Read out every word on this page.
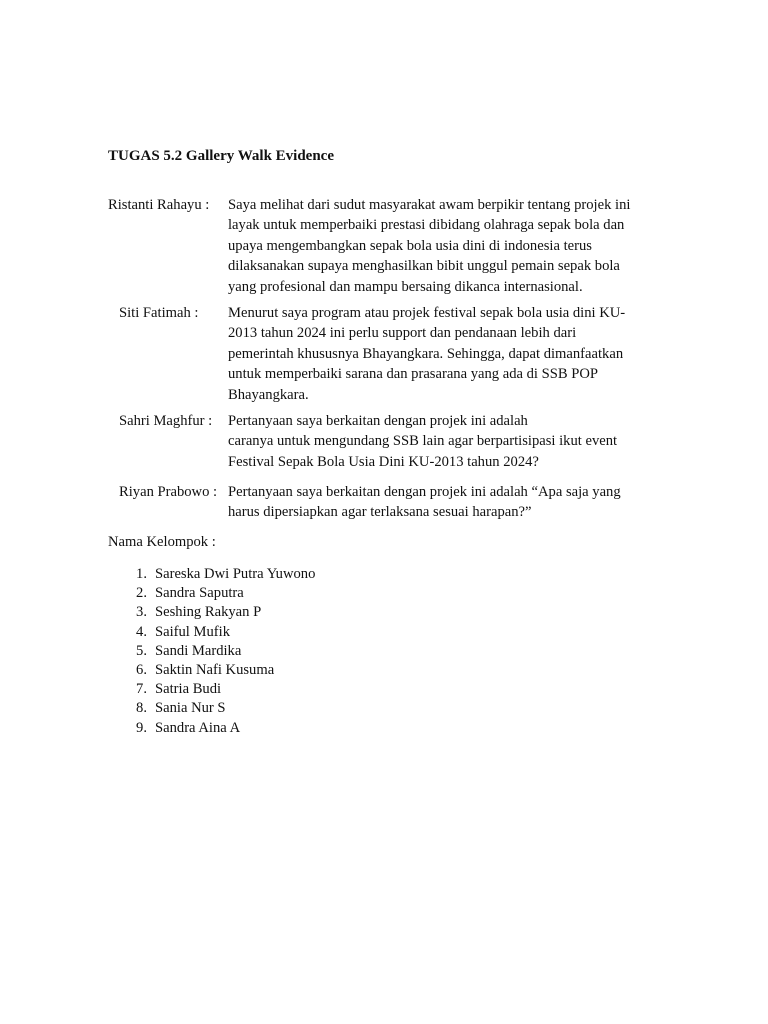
TUGAS 5.2 Gallery Walk Evidence
Ristanti Rahayu : Saya melihat dari sudut masyarakat awam berpikir tentang projek ini
layak untuk memperbaiki prestasi dibidang olahraga sepak bola dan
upaya mengembangkan sepak bola usia dini di indonesia terus
dilaksanakan supaya menghasilkan bibit unggul pemain sepak bola
yang profesional dan mampu bersaing dikanca internasional.
Siti Fatimah : Menurut saya program atau projek festival sepak bola usia dini KU-
2013 tahun 2024 ini perlu support dan pendanaan lebih dari
pemerintah khususnya Bhayangkara. Sehingga, dapat dimanfaatkan
untuk memperbaiki sarana dan prasarana yang ada di SSB POP
Bhayangkara.
Sahri Maghfur : Pertanyaan saya berkaitan dengan projek ini adalah
caranya untuk mengundang SSB lain agar berpartisipasi ikut event
Festival Sepak Bola Usia Dini KU-2013 tahun 2024?
Riyan Prabowo : Pertanyaan saya berkaitan dengan projek ini adalah “Apa saja yang
harus dipersiapkan agar terlaksana sesuai harapan?”
Nama Kelompok :
1. Sareska Dwi Putra Yuwono
2. Sandra Saputra
3. Seshing Rakyan P
4. Saiful Mufik
5. Sandi Mardika
6. Saktin Nafi Kusuma
7. Satria Budi
8. Sania Nur S
9. Sandra Aina A
